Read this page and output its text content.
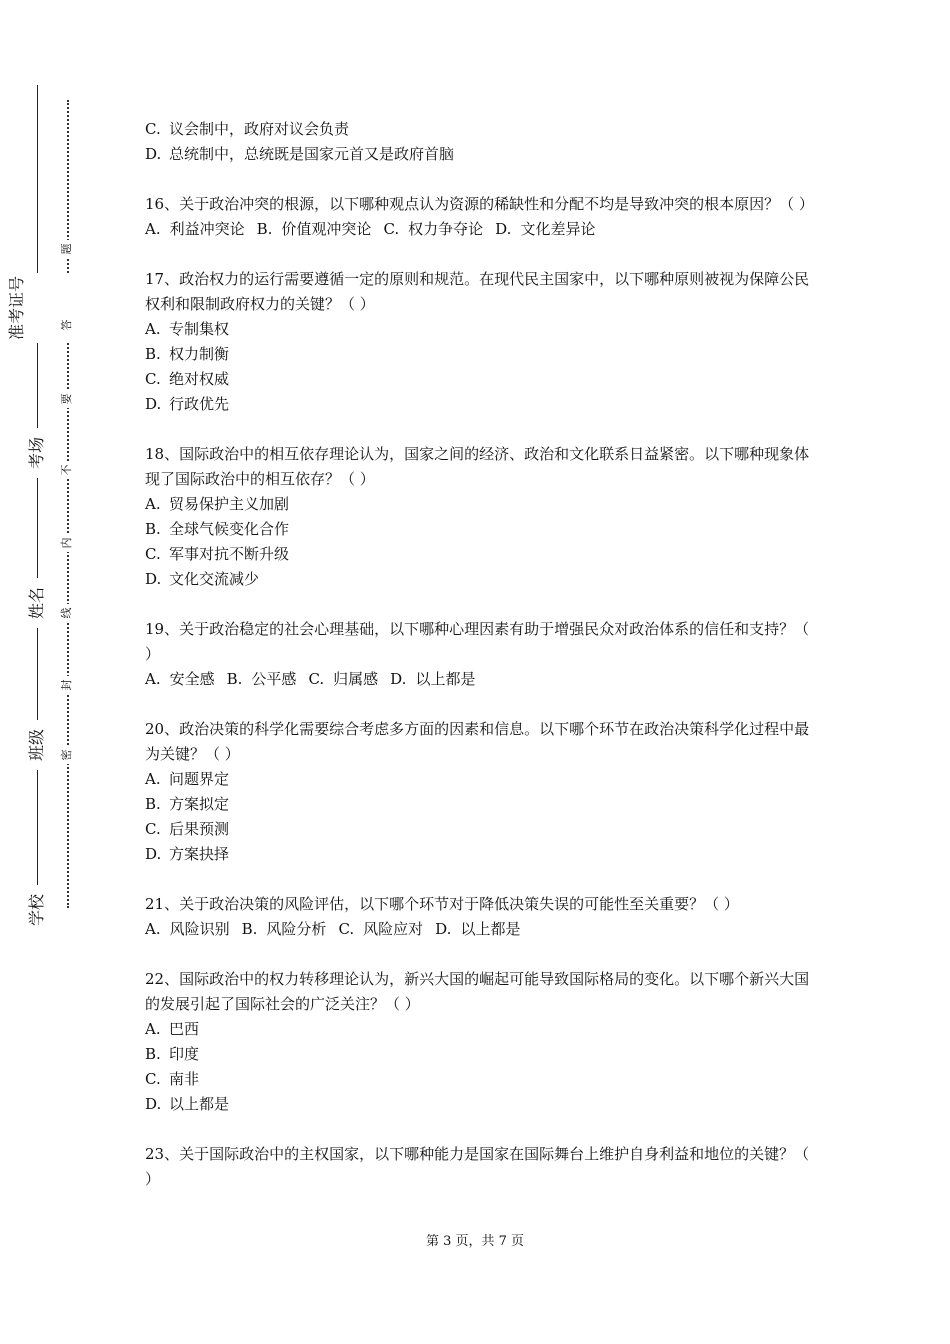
准考证号
考场
姓名
班级
学校
题
答
要
不
内
线
封
密
C. 议会制中，政府对议会负责
D. 总统制中，总统既是国家元首又是政府首脑
16、关于政治冲突的根源，以下哪种观点认为资源的稀缺性和分配不均是导致冲突的根本原因？（ ）
A. 利益冲突论 B. 价值观冲突论 C. 权力争夺论 D. 文化差异论
17、政治权力的运行需要遵循一定的原则和规范。在现代民主国家中，以下哪种原则被视为保障公民权利和限制政府权力的关键？（ ）
A. 专制集权
B. 权力制衡
C. 绝对权威
D. 行政优先
18、国际政治中的相互依存理论认为，国家之间的经济、政治和文化联系日益紧密。以下哪种现象体现了国际政治中的相互依存？（ ）
A. 贸易保护主义加剧
B. 全球气候变化合作
C. 军事对抗不断升级
D. 文化交流减少
19、关于政治稳定的社会心理基础，以下哪种心理因素有助于增强民众对政治体系的信任和支持？（ ）
A. 安全感 B. 公平感 C. 归属感 D. 以上都是
20、政治决策的科学化需要综合考虑多方面的因素和信息。以下哪个环节在政治决策科学化过程中最为关键？（ ）
A. 问题界定
B. 方案拟定
C. 后果预测
D. 方案抉择
21、关于政治决策的风险评估，以下哪个环节对于降低决策失误的可能性至关重要？（ ）
A. 风险识别 B. 风险分析 C. 风险应对 D. 以上都是
22、国际政治中的权力转移理论认为，新兴大国的崛起可能导致国际格局的变化。以下哪个新兴大国的发展引起了国际社会的广泛关注？（ ）
A. 巴西
B. 印度
C. 南非
D. 以上都是
23、关于国际政治中的主权国家，以下哪种能力是国家在国际舞台上维护自身利益和地位的关键？（ ）
第 3 页，共 7 页
